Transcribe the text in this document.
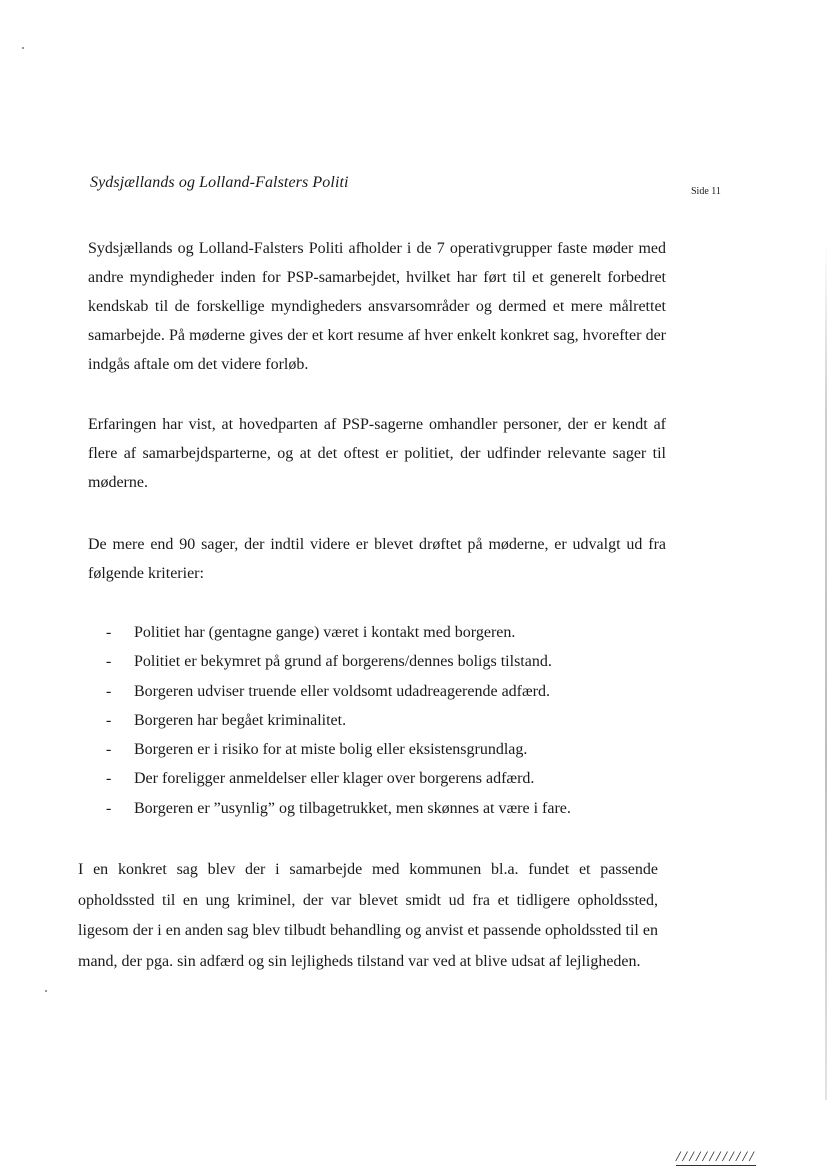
Sydsjællands og Lolland-Falsters Politi
Side 11

Sydsjællands og Lolland-Falsters Politi afholder i de 7 operativgrupper faste møder med andre myndigheder inden for PSP-samarbejdet, hvilket har ført til et generelt forbedret kendskab til de forskellige myndigheders ansvarsområder og dermed et mere målrettet samarbejde. På møderne gives der et kort resume af hver enkelt konkret sag, hvorefter der indgås aftale om det videre forløb.

Erfaringen har vist, at hovedparten af PSP-sagerne omhandler personer, der er kendt af flere af samarbejdsparterne, og at det oftest er politiet, der udfinder relevante sager til møderne.

De mere end 90 sager, der indtil videre er blevet drøftet på møderne, er udvalgt ud fra følgende kriterier:

- Politiet har (gentagne gange) været i kontakt med borgeren.
- Politiet er bekymret på grund af borgerens/dennes boligs tilstand.
- Borgeren udviser truende eller voldsomt udadreagerende adfærd.
- Borgeren har begået kriminalitet.
- Borgeren er i risiko for at miste bolig eller eksistensgrundlag.
- Der foreligger anmeldelser eller klager over borgerens adfærd.
- Borgeren er ”usynlig” og tilbagetrukket, men skønnes at være i fare.

I en konkret sag blev der i samarbejde med kommunen bl.a. fundet et passende opholdssted til en ung kriminel, der var blevet smidt ud fra et tidligere opholdssted, ligesom der i en anden sag blev tilbudt behandling og anvist et passende opholdssted til en mand, der pga. sin adfærd og sin lejligheds tilstand var ved at blive udsat af lejligheden.

////////////
